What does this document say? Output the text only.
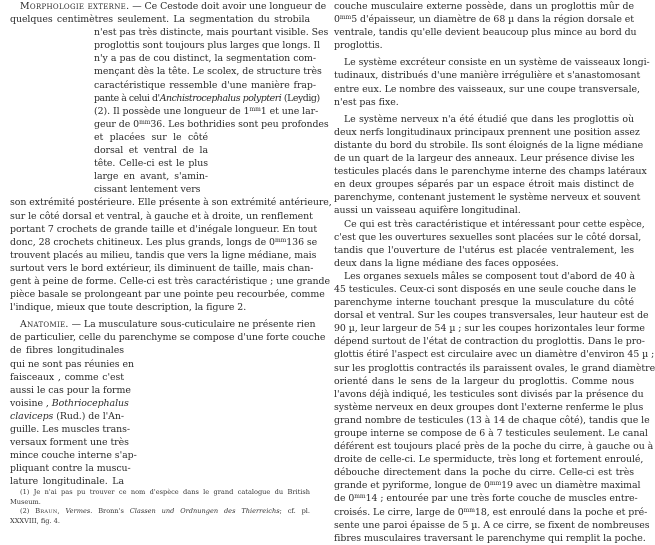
Morphologie externe. — Ce Cestode doit avoir une longueur de
quelques centimètres seulement. La segmentation du strobila
n'est pas très distincte, mais pourtant visible. Ses
proglottis sont toujours plus larges que longs. Il
n'y a pas de cou distinct, la segmentation com-
mençant dès la tête. Le scolex, de structure très
caractéristique ressemble d'une manière frap-
pante à celui d'Anchistrocephalus polypteri (Leydig)
(2). Il possède une longueur de $1^{mm}1$ et une lar-
geur de $0^{mm}36$. Les bothridies sont peu profondes
et placées sur le côté
dorsal et ventral de la
tête. Celle-ci est le plus
large en avant, s'amin-
cissant lentement vers
son extrémité postérieure. Elle présente à son extrémité antérieure,
sur le côté dorsal et ventral, à gauche et à droite, un renflement
portant 7 crochets de grande taille et d'inégale longueur. En tout
donc, 28 crochets chitineux. Les plus grands, longs de $0^{mm}136$ se
trouvent placés au milieu, tandis que vers la ligne médiane, mais
surtout vers le bord extérieur, ils diminuent de taille, mais chan-
gent à peine de forme. Celle-ci est très caractéristique ; une grande
pièce basale se prolongeant par une pointe peu recourbée, comme
l'indique, mieux que toute description, la figure 2.
Anatomie. — La musculature sous-cuticulaire ne présente rien
de particulier, celle du parenchyme se compose d'une forte couche
de fibres longitudinales
qui ne sont pas réunies en
faisceaux , comme c'est
aussi le cas pour la forme
voisine , Bothriocephalus
claviceps (Rud.) de l'An-
guille. Les muscles trans-
versaux forment une très
mince couche interne s'ap-
pliquant contre la muscu-
lature longitudinale. La
(1) Je n'ai pas pu trouver ce nom d'espèce dans le grand catalogue du British
Museum.
(2) Braun, Vermes. Bronn's Classen und Ordnungen des Thierreichs; cf. pl.
XXXVIII, fig. 4.
couche musculaire externe possède, dans un proglottis mûr de
$0^{mm}5$ d'épaisseur, un diamètre de 68 µ dans la région dorsale et
ventrale, tandis qu'elle devient beaucoup plus mince au bord du
proglottis.
Le système excréteur consiste en un système de vaisseaux longi-
tudinaux, distribués d'une manière irrégulière et s'anastomosant
entre eux. Le nombre des vaisseaux, sur une coupe transversale,
n'est pas fixe.
Le système nerveux n'a été étudié que dans les proglottis où
deux nerfs longitudinaux principaux prennent une position assez
distante du bord du strobile. Ils sont éloignés de la ligne médiane
de un quart de la largeur des anneaux. Leur présence divise les
testicules placés dans le parenchyme interne des champs latéraux
en deux groupes séparés par un espace étroit mais distinct de
parenchyme, contenant justement le système nerveux et souvent
aussi un vaisseau aquifère longitudinal.
Ce qui est très caractéristique et intéressant pour cette espèce,
c'est que les ouvertures sexuelles sont placées sur le côté dorsal,
tandis que l'ouverture de l'utérus est placée ventralement, les
deux dans la ligne médiane des faces opposées.
Les organes sexuels mâles se composent tout d'abord de 40 à
45 testicules. Ceux-ci sont disposés en une seule couche dans le
parenchyme interne touchant presque la musculature du côté
dorsal et ventral. Sur les coupes transversales, leur hauteur est de
90 µ, leur largeur de 54 µ ; sur les coupes horizontales leur forme
dépend surtout de l'état de contraction du proglottis. Dans le pro-
glottis étiré l'aspect est circulaire avec un diamètre d'environ 45 µ ;
sur les proglottis contractés ils paraissent ovales, le grand diamètre
orienté dans le sens de la largeur du proglottis. Comme nous
l'avons déjà indiqué, les testicules sont divisés par la présence du
système nerveux en deux groupes dont l'externe renferme le plus
grand nombre de testicules (13 à 14 de chaque côté), tandis que le
groupe interne se compose de 6 à 7 testicules seulement. Le canal
déférent est toujours placé près de la poche du cirre, à gauche ou à
droite de celle-ci. Le spermiducte, très long et fortement enroulé,
débouche directement dans la poche du cirre. Celle-ci est très
grande et pyriforme, longue de $0^{mm}19$ avec un diamètre maximal
de $0^{mm}14$ ; entourée par une très forte couche de muscles entre-
croisés. Le cirre, large de $0^{mm}18$, est enroulé dans la poche et pré-
sente une paroi épaisse de 5 µ. A ce cirre, se fixent de nombreuses
fibres musculaires traversant le parenchyme qui remplit la poche.
